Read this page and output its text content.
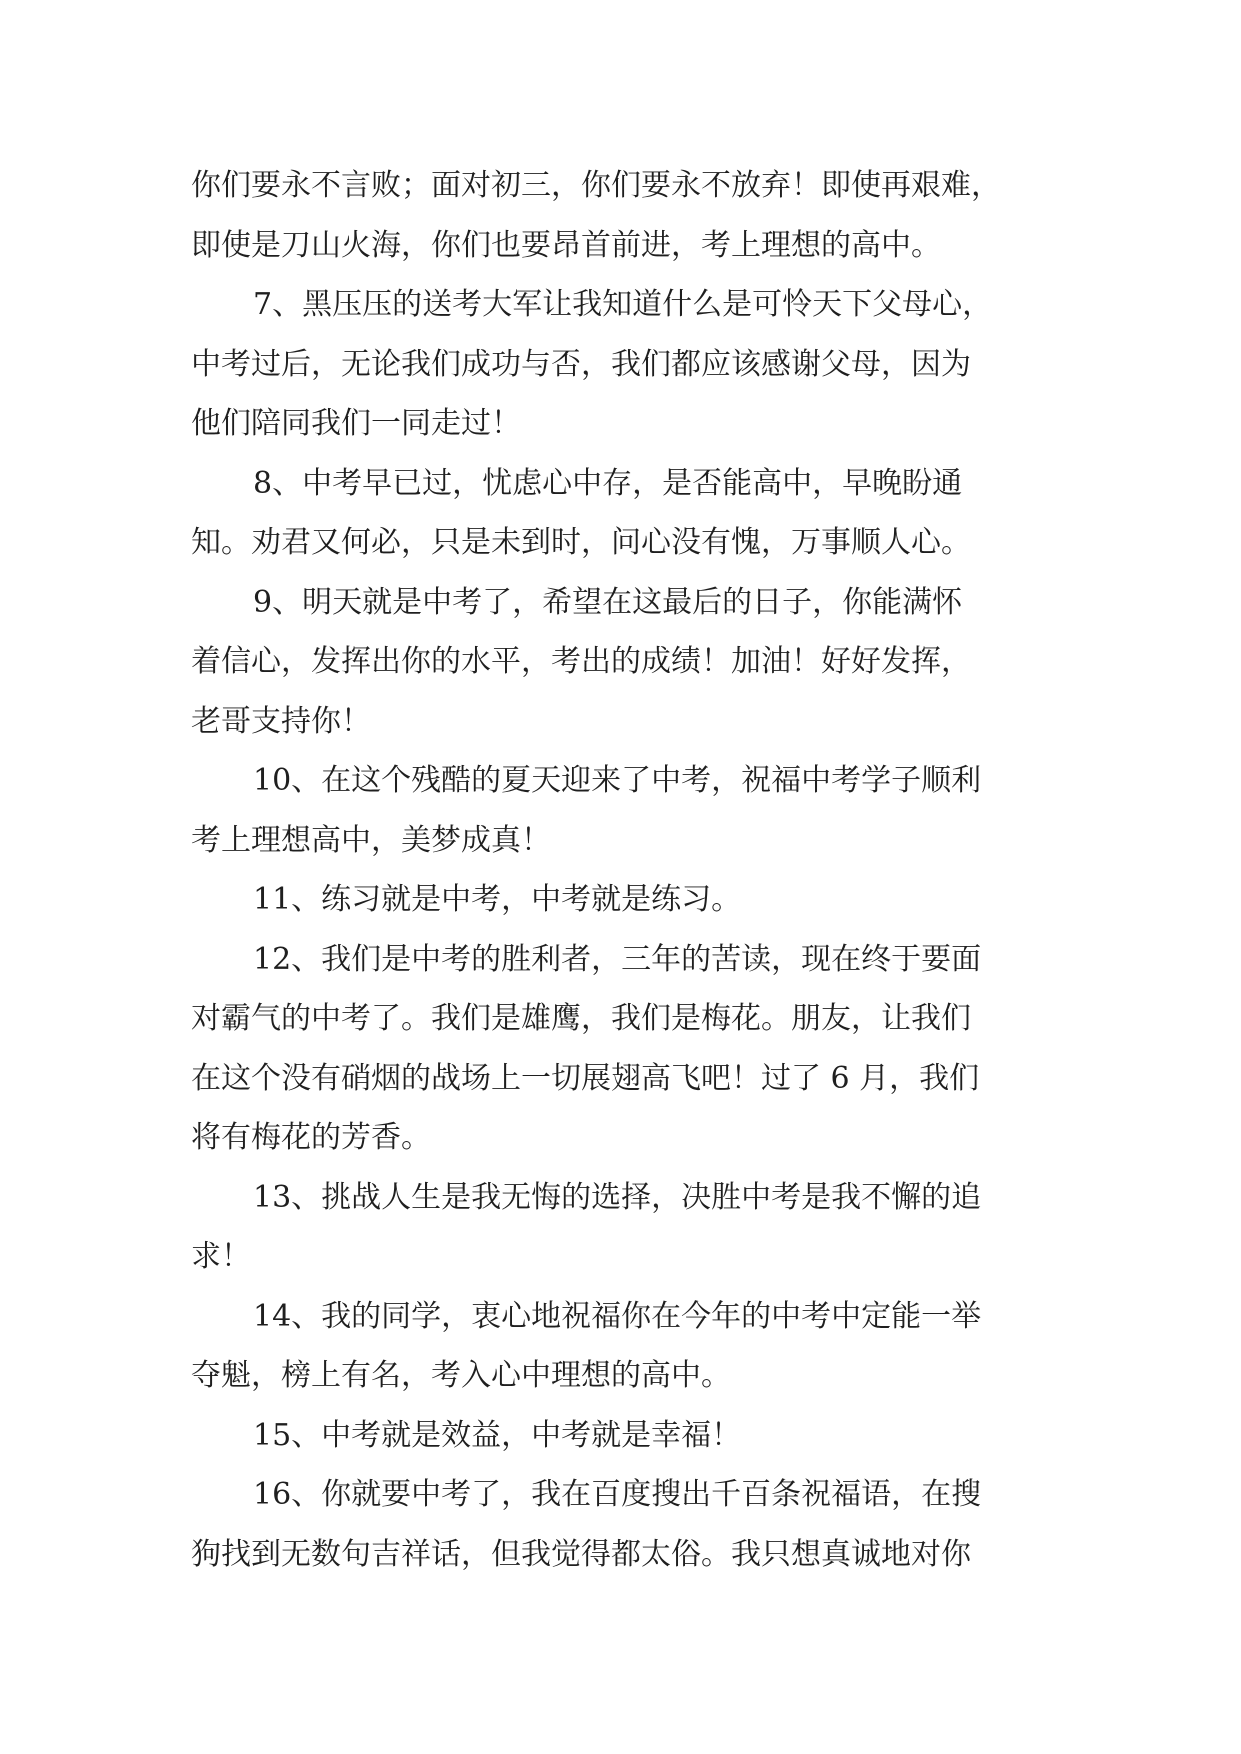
你们要永不言败；面对初三，你们要永不放弃！即使再艰难，
即使是刀山火海，你们也要昂首前进，考上理想的高中。
7、黑压压的送考大军让我知道什么是可怜天下父母心，
中考过后，无论我们成功与否，我们都应该感谢父母，因为
他们陪同我们一同走过！
8、中考早已过，忧虑心中存，是否能高中，早晚盼通
知。劝君又何必，只是未到时，问心没有愧，万事顺人心。
9、明天就是中考了，希望在这最后的日子，你能满怀
着信心，发挥出你的水平，考出的成绩！加油！好好发挥，
老哥支持你！
10、在这个残酷的夏天迎来了中考，祝福中考学子顺利
考上理想高中，美梦成真！
11、练习就是中考，中考就是练习。
12、我们是中考的胜利者，三年的苦读，现在终于要面
对霸气的中考了。我们是雄鹰，我们是梅花。朋友，让我们
在这个没有硝烟的战场上一切展翅高飞吧！过了 6 月，我们
将有梅花的芳香。
13、挑战人生是我无悔的选择，决胜中考是我不懈的追
求！
14、我的同学，衷心地祝福你在今年的中考中定能一举
夺魁，榜上有名，考入心中理想的高中。
15、中考就是效益，中考就是幸福！
16、你就要中考了，我在百度搜出千百条祝福语，在搜
狗找到无数句吉祥话，但我觉得都太俗。我只想真诚地对你
